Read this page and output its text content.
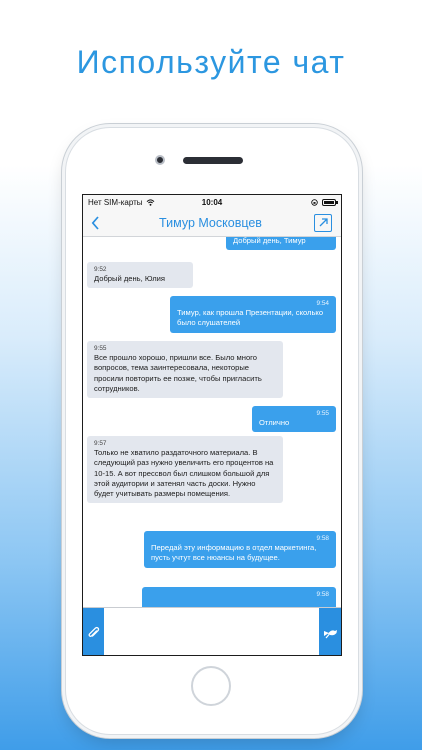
Используйте чат
Нет SIM-карты	10:04
Тимур Московцев
Добрый день, Тимур
9:52
Добрый день, Юлия
9:54
Тимур, как прошла Презентации, сколько было слушателей
9:55
Все прошло хорошо, пришли все. Было много вопросов, тема заинтересовала, некоторые просили повторить ее позже, чтобы пригласить сотрудников.
9:55
Отлично
9:57
Только не хватило раздаточного материала. В следующий раз нужно увеличить его процентов на 10-15. А вот прессвол был слишком большой для этой аудитории и затенял часть доски. Нужно будет учитывать размеры помещения.
9:58
Передай эту информацию в отдел маркетинга, пусть учтут все нюансы на будущее.
9:58
